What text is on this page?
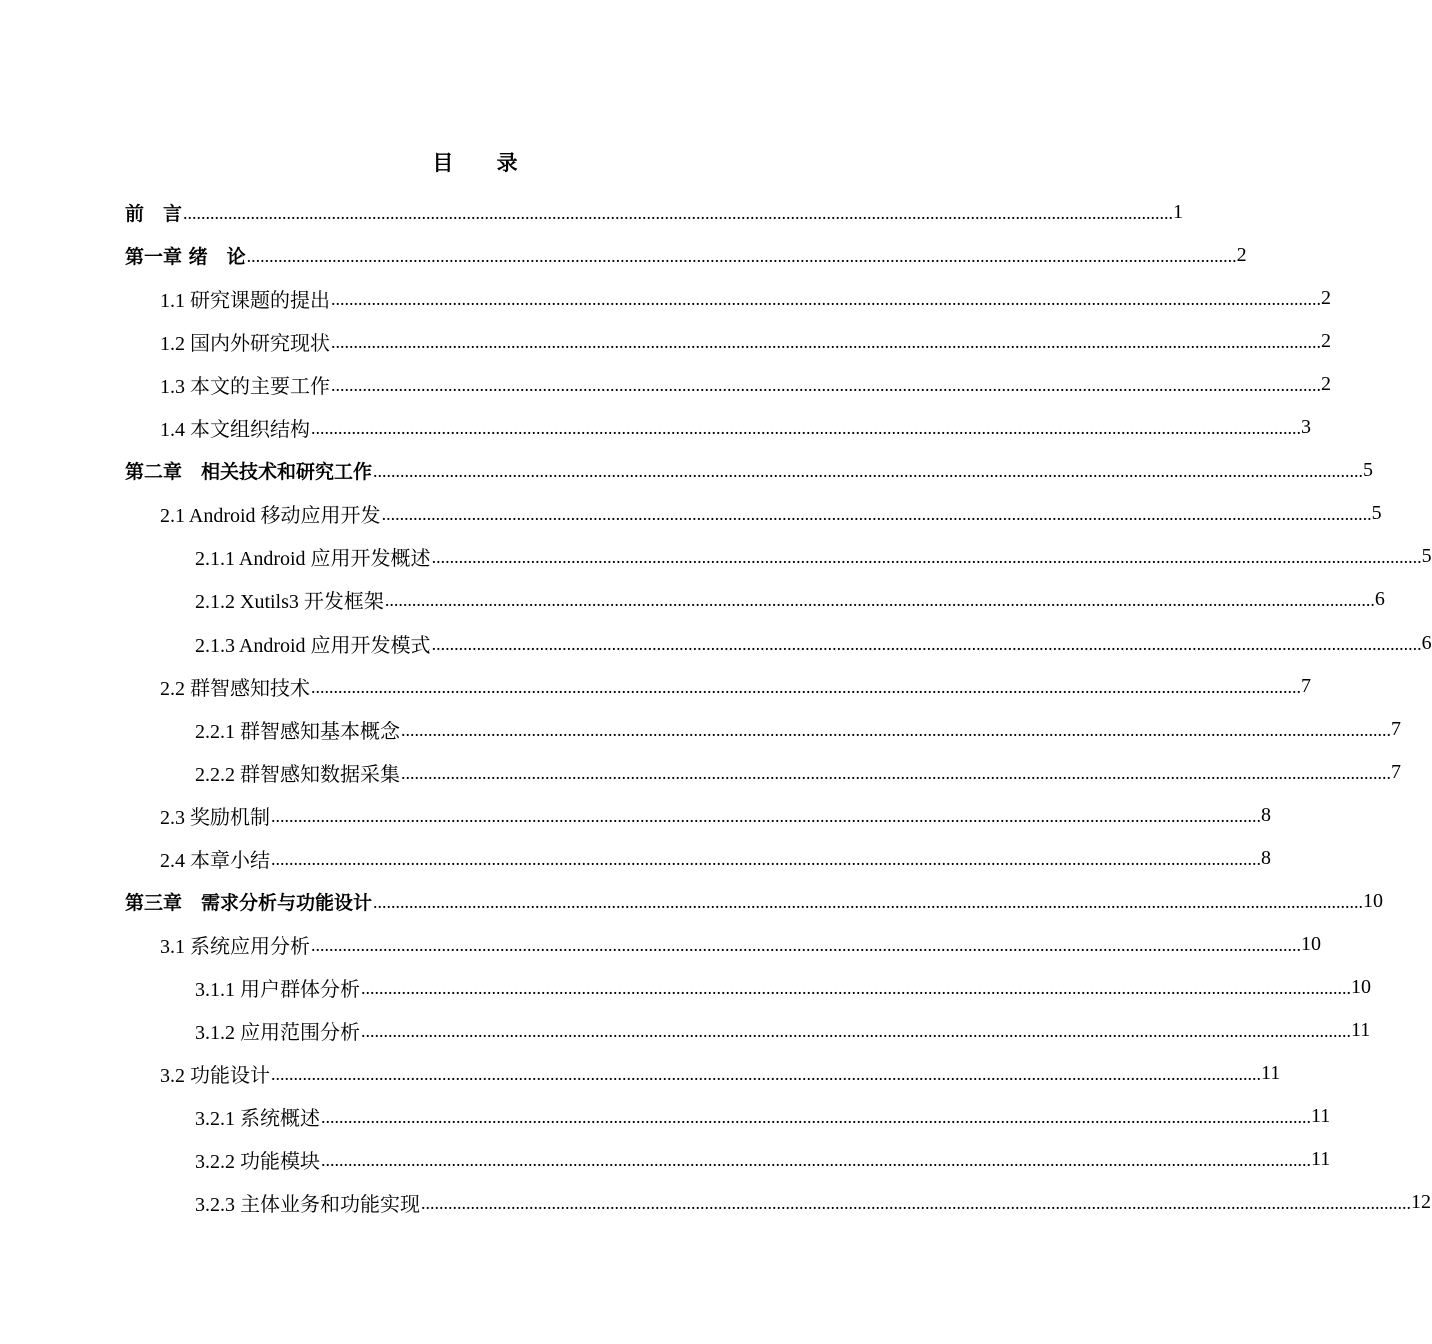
目 录
前　言 ............................................................................................................................................................................................................................ 1
第一章 绪　论 ............................................................................................................................................................................................................................ 2
1.1 研究课题的提出 ............................................................................................................................................................................................................................ 2
1.2 国内外研究现状 ............................................................................................................................................................................................................................ 2
1.3 本文的主要工作 ............................................................................................................................................................................................................................ 2
1.4 本文组织结构 ............................................................................................................................................................................................................................ 3
第二章　相关技术和研究工作 ............................................................................................................................................................................................................................ 5
2.1 Android 移动应用开发 ............................................................................................................................................................................................................................ 5
2.1.1 Android 应用开发概述 ............................................................................................................................................................................................................................ 5
2.1.2 Xutils3 开发框架 ............................................................................................................................................................................................................................ 6
2.1.3 Android 应用开发模式 ............................................................................................................................................................................................................................ 6
2.2 群智感知技术 ............................................................................................................................................................................................................................ 7
2.2.1 群智感知基本概念 ............................................................................................................................................................................................................................ 7
2.2.2 群智感知数据采集 ............................................................................................................................................................................................................................ 7
2.3 奖励机制 ............................................................................................................................................................................................................................ 8
2.4 本章小结 ............................................................................................................................................................................................................................ 8
第三章　需求分析与功能设计 ............................................................................................................................................................................................................................ 10
3.1 系统应用分析 ............................................................................................................................................................................................................................ 10
3.1.1 用户群体分析 ............................................................................................................................................................................................................................ 10
3.1.2 应用范围分析 ............................................................................................................................................................................................................................ 11
3.2 功能设计 ............................................................................................................................................................................................................................ 11
3.2.1 系统概述 ............................................................................................................................................................................................................................ 11
3.2.2 功能模块 ............................................................................................................................................................................................................................ 11
3.2.3 主体业务和功能实现 ............................................................................................................................................................................................................................ 12
